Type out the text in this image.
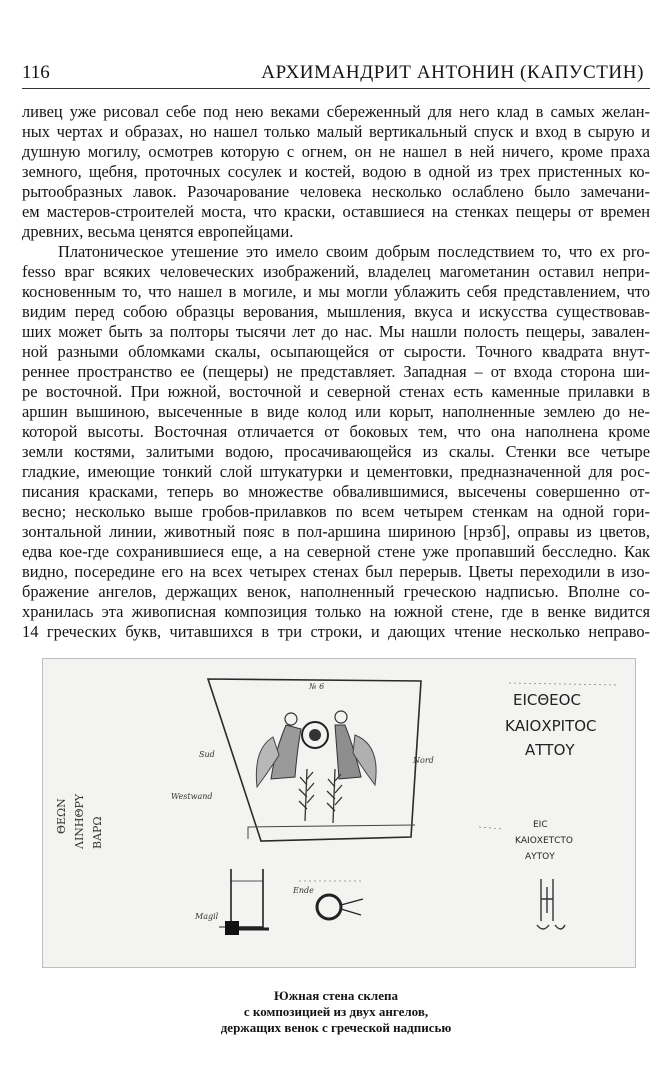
116	АРХИМАНДРИТ АНТОНИН (КАПУСТИН)
ливец уже рисовал себе под нею веками сбереженный для него клад в самых желан-
ных чертах и образах, но нашел только малый вертикальный спуск и вход в сырую и
душную могилу, осмотрев которую с огнем, он не нашел в ней ничего, кроме праха
земного, щебня, проточных сосулек и костей, водою в одной из трех пристенных ко-
рытообразных лавок. Разочарование человека несколько ослаблено было замечани-
ем мастеров-строителей моста, что краски, оставшиеся на стенках пещеры от времен
древних, весьма ценятся европейцами.
Платоническое утешение это имело своим добрым последствием то, что ex pro-
fesso враг всяких человеческих изображений, владелец магометанин оставил непри-
косновенным то, что нашел в могиле, и мы могли ублажить себя представлением, что
видим перед собою образцы верования, мышления, вкуса и искусства существовав-
ших может быть за полторы тысячи лет до нас. Мы нашли полость пещеры, завален-
ной разными обломками скалы, осыпающейся от сырости. Точного квадрата внут-
реннее пространство ее (пещеры) не представляет. Западная – от входа сторона ши-
ре восточной. При южной, восточной и северной стенах есть каменные прилавки в
аршин вышиною, высеченные в виде колод или корыт, наполненные землею до не-
которой высоты. Восточная отличается от боковых тем, что она наполнена кроме
земли костями, залитыми водою, просачивающейся из скалы. Стенки все четыре
гладкие, имеющие тонкий слой штукатурки и цементовки, предназначенной для рос-
писания красками, теперь во множестве обвалившимися, высечены совершенно от-
весно; несколько выше гробов-прилавков по всем четырем стенкам на одной гори-
зонтальной линии, животный пояс в пол-аршина шириною [нрзб], оправы из цветов,
едва кое-где сохранившиеся еще, а на северной стене уже пропавший бесследно. Как
видно, посередине его на всех четырех стенах был перерыв. Цветы переходили в изо-
бражение ангелов, держащих венок, наполненный греческою надписью. Вполне со-
хранилась эта живописная композиция только на южной стене, где в венке видится
14 греческих букв, читавшихся в три строки, и дающих чтение несколько неправо-
Sud
Nord
№ 6
Westwand
Ende
Magil
ΘΕΩΝ ΛΙΝΗΘΡΥ ΒΑΡΩ
ΕΙCΘΕΟC
ΚΑΙΟΧΡΙΤΟC
ΑΤΤΟΥ
ΕΙC
ΚΑΙΟΧΕΤCΤΟ
ΑΥΤΟΥ
Южная стена склепа
с композицией из двух ангелов,
держащих венок с греческой надписью
